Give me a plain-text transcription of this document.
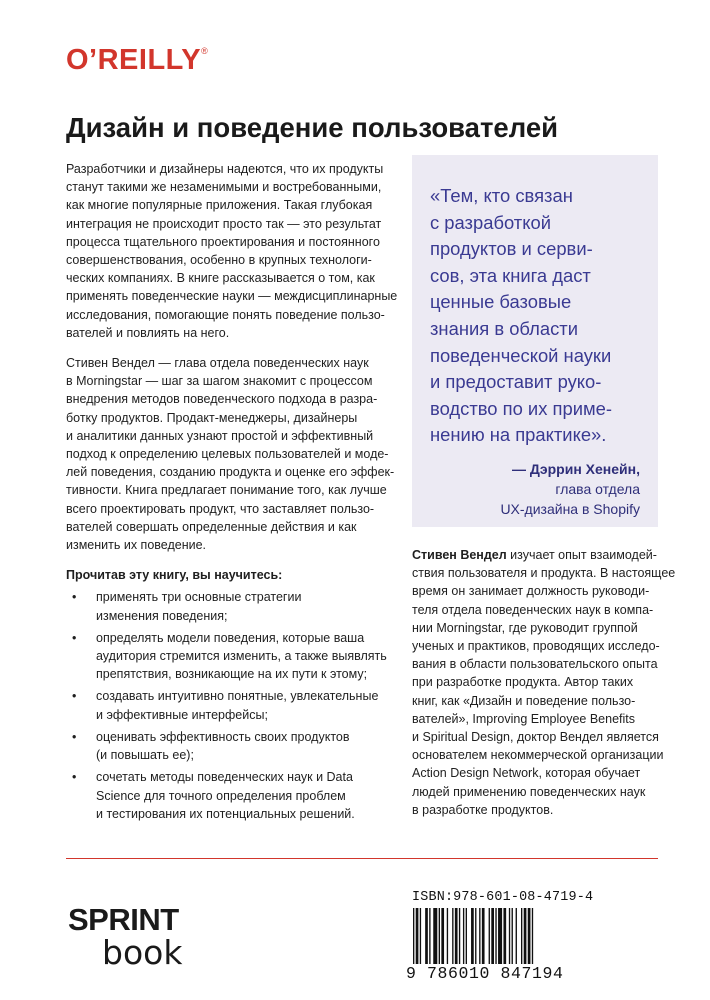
O’REILLY®
Дизайн и поведение пользователей

Разработчики и дизайнеры надеются, что их продукты
станут такими же незаменимыми и востребованными,
как многие популярные приложения. Такая глубокая
интеграция не происходит просто так — это результат
процесса тщательного проектирования и постоянного
совершенствования, особенно в крупных технологи-
ческих компаниях. В книге рассказывается о том, как
применять поведенческие науки — междисциплинарные
исследования, помогающие понять поведение пользо-
вателей и повлиять на него.

Стивен Вендел — глава отдела поведенческих наук
в Morningstar — шаг за шагом знакомит с процессом
внедрения методов поведенческого подхода в разра-
ботку продуктов. Продакт-менеджеры, дизайнеры
и аналитики данных узнают простой и эффективный
подход к определению целевых пользователей и моде-
лей поведения, созданию продукта и оценке его эффек-
тивности. Книга предлагает понимание того, как лучше
всего проектировать продукт, что заставляет пользо-
вателей совершать определенные действия и как
изменить их поведение.

Прочитав эту книгу, вы научитесь:
• применять три основные стратегии
изменения поведения;
• определять модели поведения, которые ваша
аудитория стремится изменить, а также выявлять
препятствия, возникающие на их пути к этому;
• создавать интуитивно понятные, увлекательные
и эффективные интерфейсы;
• оценивать эффективность своих продуктов
(и повышать ее);
• сочетать методы поведенческих наук и Data
Science для точного определения проблем
и тестирования их потенциальных решений.
«Тем, кто связан
с разработкой
продуктов и серви-
сов, эта книга даст
ценные базовые
знания в области
поведенческой науки
и предоставит руко-
водство по их приме-
нению на практике».
— Дэррин Хенейн,
глава отдела
UX-дизайна в Shopify
Стивен Вендел изучает опыт взаимодей-
ствия пользователя и продукта. В настоящее
время он занимает должность руководи-
теля отдела поведенческих наук в компа-
нии Morningstar, где руководит группой
ученых и практиков, проводящих исследо-
вания в области пользовательского опыта
при разработке продукта. Автор таких
книг, как «Дизайн и поведение пользо-
вателей», Improving Employee Benefits
и Spiritual Design, доктор Вендел является
основателем некоммерческой организации
Action Design Network, которая обучает
людей применению поведенческих наук
в разработке продуктов.
SPRINT
book
ISBN:978-601-08-4719-4
9 786010 847194
